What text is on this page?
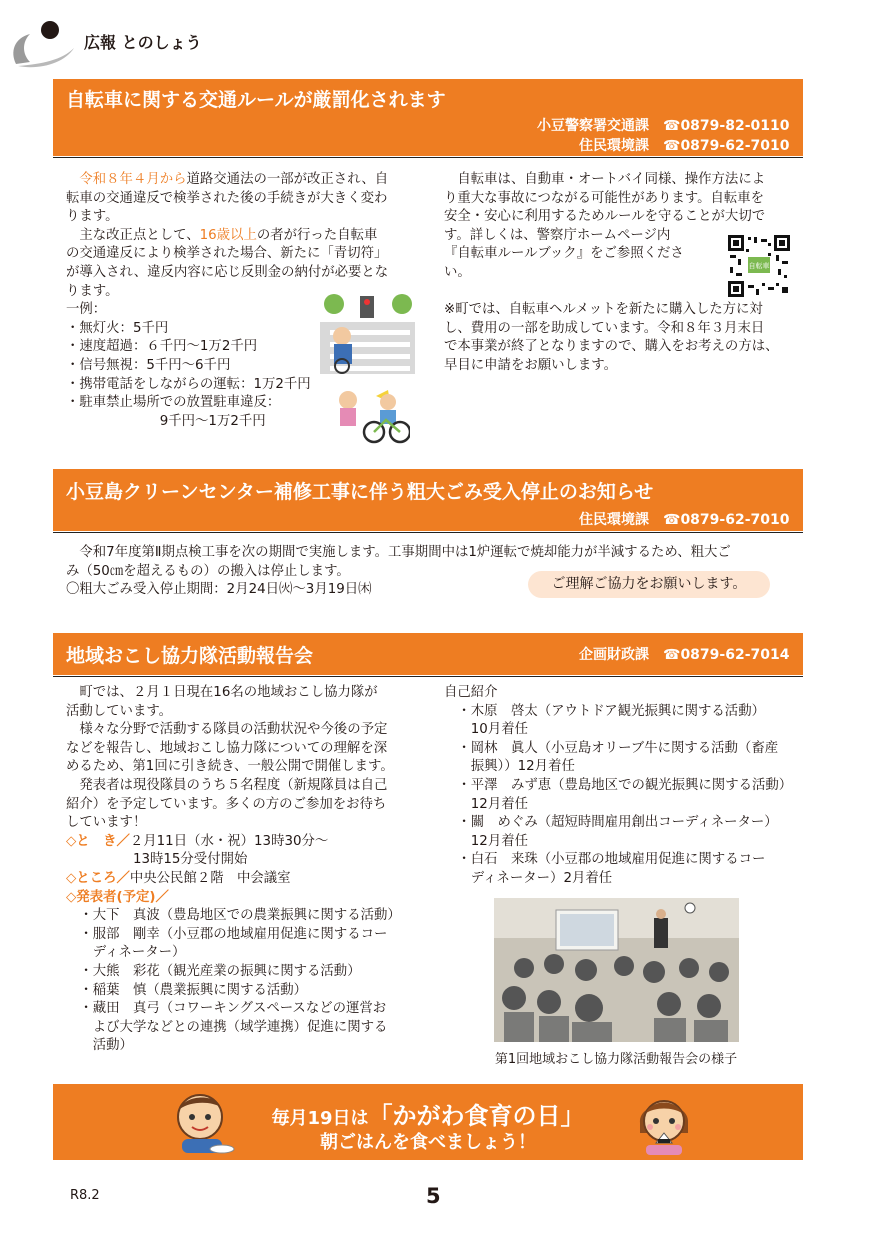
広報 とのしょう
自転車に関する交通ルールが厳罰化されます
小豆警察署交通課　 ☎0879-82-0110
住民環境課　 ☎0879-62-7010
　令和８年４月から道路交通法の一部が改正され、自
転車の交通違反で検挙された後の手続きが大きく変わ
ります。
　主な改正点として、16歳以上の者が行った自転車
の交通違反により検挙された場合、新たに「青切符」
が導入され、違反内容に応じ反則金の納付が必要とな
ります。
一例：
・無灯火：5千円
・速度超過：６千円〜1万2千円
・信号無視：5千円〜6千円
・携帯電話をしながらの運転：1万2千円
・駐車禁止場所での放置駐車違反：
　　　　　　　9千円〜1万2千円
　自転車は、自動車・オートバイ同様、操作方法によ
り重大な事故につながる可能性があります。自転車を
安全・安心に利用するためルールを守ることが大切で
す。詳しくは、警察庁ホームページ内
『自転車ルールブック』をご参照くださ
い。
※町では、自転車ヘルメットを新たに購入した方に対
し、費用の一部を助成しています。令和８年３月末日
で本事業が終了となりますので、購入をお考えの方は、
早目に申請をお願いします。
自転車
小豆島クリーンセンター補修工事に伴う粗大ごみ受入停止のお知らせ
住民環境課　 ☎0879-62-7010
　令和7年度第Ⅱ期点検工事を次の期間で実施します。工事期間中は1炉運転で焼却能力が半減するため、粗大ご
み（50㎝を超えるもの）の搬入は停止します。
〇粗大ごみ受入停止期間：2月24日㈫〜3月19日㈭	ご理解ご協力をお願いします。
地域おこし協力隊活動報告会	企画財政課　 ☎0879-62-7014
　町では、２月１日現在16名の地域おこし協力隊が
活動しています。
　様々な分野で活動する隊員の活動状況や今後の予定
などを報告し、地域おこし協力隊についての理解を深
めるため、第1回に引き続き、一般公開で開催します。
　発表者は現役隊員のうち５名程度（新規隊員は自己
紹介）を予定しています。多くの方のご参加をお待ち
しています！
◇と　き／２月11日（水・祝）13時30分〜
　　　　　13時15分受付開始
◇ところ／中央公民館２階　中会議室
◇発表者(予定)／
　・大下　真波（豊島地区での農業振興に関する活動）
　・服部　剛幸（小豆郡の地域雇用促進に関するコー
　　ディネーター）
　・大熊　彩花（観光産業の振興に関する活動）
　・稲葉　慎（農業振興に関する活動）
　・藏田　真弓（コワーキングスペースなどの運営お
　　よび大学などとの連携（域学連携）促進に関する
　　活動）
自己紹介
　・木原　啓太（アウトドア観光振興に関する活動）
　　10月着任
　・岡林　眞人（小豆島オリーブ牛に関する活動（畜産
　　振興））12月着任
　・平澤　みず恵（豊島地区での観光振興に関する活動）
　　12月着任
　・關　めぐみ（超短時間雇用創出コーディネーター）
　　12月着任
　・白石　来珠（小豆郡の地域雇用促進に関するコー
　　ディネーター）2月着任
第1回地域おこし協力隊活動報告会の様子
毎月19日は「かがわ食育の日」
朝ごはんを食べましょう！
R8.2	5
